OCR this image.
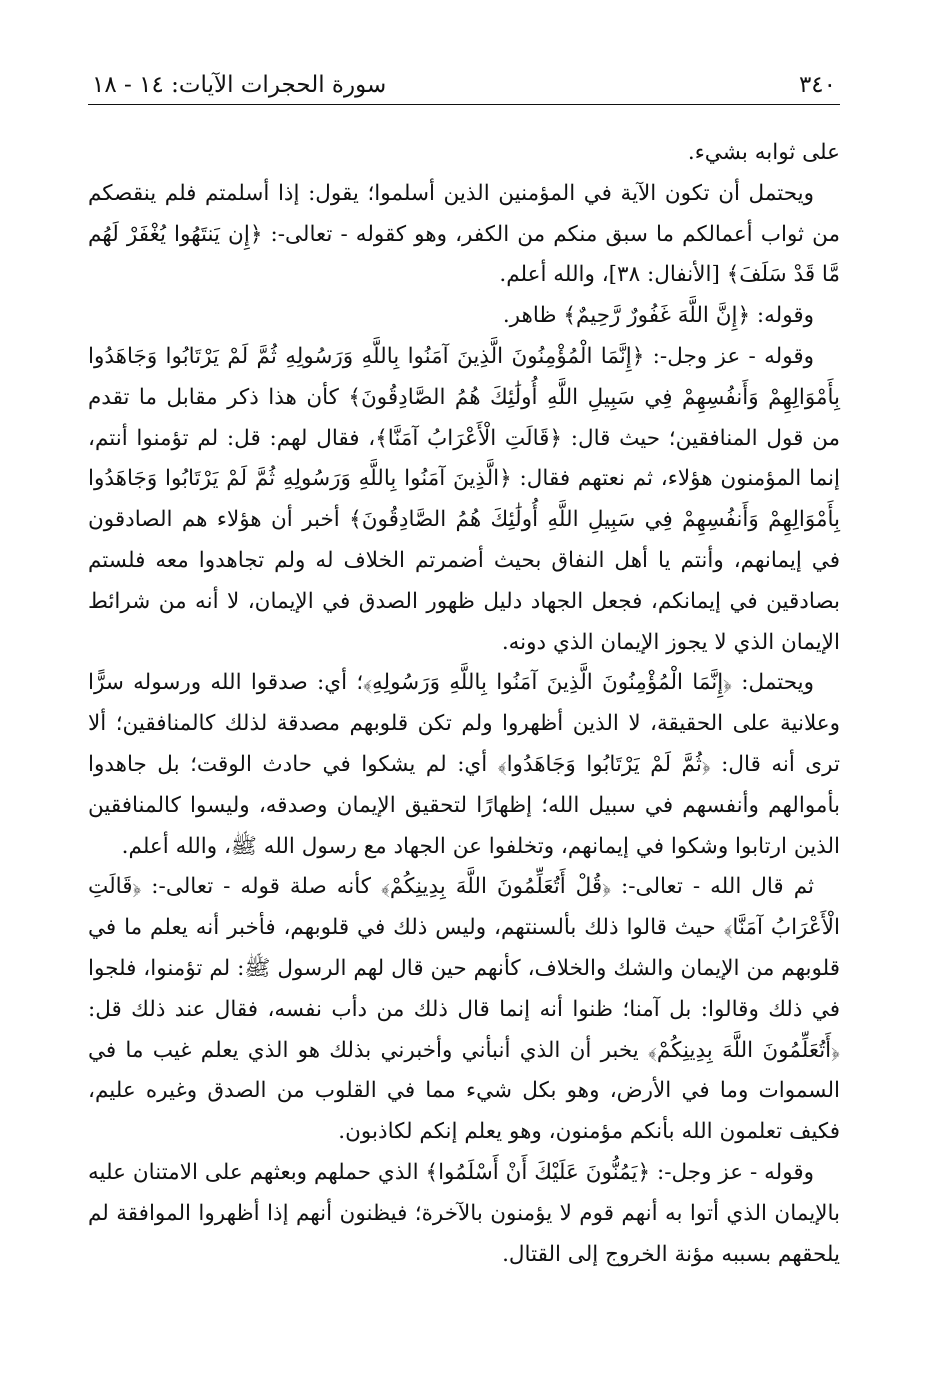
٣٤٠
سورة الحجرات الآيات: ١٤ - ١٨

على ثوابه بشيء.

ويحتمل أن تكون الآية في المؤمنين الذين أسلموا؛ يقول: إذا أسلمتم فلم ينقصكم من ثواب أعمالكم ما سبق منكم من الكفر، وهو كقوله - تعالى-: ﴿إِن يَنتَهُوا يُغْفَرْ لَهُم مَّا قَدْ سَلَفَ﴾ [الأنفال: ٣٨]، والله أعلم.

وقوله: ﴿إِنَّ اللَّهَ غَفُورٌ رَّحِيمٌ﴾ ظاهر.

وقوله - عز وجل-: ﴿إِنَّمَا الْمُؤْمِنُونَ الَّذِينَ آمَنُوا بِاللَّهِ وَرَسُولِهِ ثُمَّ لَمْ يَرْتَابُوا وَجَاهَدُوا بِأَمْوَالِهِمْ وَأَنفُسِهِمْ فِي سَبِيلِ اللَّهِ أُولَٰئِكَ هُمُ الصَّادِقُونَ﴾ كأن هذا ذكر مقابل ما تقدم من قول المنافقين؛ حيث قال: ﴿قَالَتِ الْأَعْرَابُ آمَنَّا﴾، فقال لهم: قل: لم تؤمنوا أنتم، إنما المؤمنون هؤلاء، ثم نعتهم فقال: ﴿الَّذِينَ آمَنُوا بِاللَّهِ وَرَسُولِهِ ثُمَّ لَمْ يَرْتَابُوا وَجَاهَدُوا بِأَمْوَالِهِمْ وَأَنفُسِهِمْ فِي سَبِيلِ اللَّهِ أُولَٰئِكَ هُمُ الصَّادِقُونَ﴾ أخبر أن هؤلاء هم الصادقون في إيمانهم، وأنتم يا أهل النفاق بحيث أضمرتم الخلاف له ولم تجاهدوا معه فلستم بصادقين في إيمانكم، فجعل الجهاد دليل ظهور الصدق في الإيمان، لا أنه من شرائط الإيمان الذي لا يجوز الإيمان الذي دونه.

ويحتمل: ﴿إِنَّمَا الْمُؤْمِنُونَ الَّذِينَ آمَنُوا بِاللَّهِ وَرَسُولِهِ﴾؛ أي: صدقوا الله ورسوله سرًّا وعلانية على الحقيقة، لا الذين أظهروا ولم تكن قلوبهم مصدقة لذلك كالمنافقين؛ ألا ترى أنه قال: ﴿ثُمَّ لَمْ يَرْتَابُوا وَجَاهَدُوا﴾ أي: لم يشكوا في حادث الوقت؛ بل جاهدوا بأموالهم وأنفسهم في سبيل الله؛ إظهارًا لتحقيق الإيمان وصدقه، وليسوا كالمنافقين الذين ارتابوا وشكوا في إيمانهم، وتخلفوا عن الجهاد مع رسول الله ﷺ، والله أعلم.

ثم قال الله - تعالى-: ﴿قُلْ أَتُعَلِّمُونَ اللَّهَ بِدِينِكُمْ﴾ كأنه صلة قوله - تعالى-: ﴿قَالَتِ الْأَعْرَابُ آمَنَّا﴾ حيث قالوا ذلك بألسنتهم، وليس ذلك في قلوبهم، فأخبر أنه يعلم ما في قلوبهم من الإيمان والشك والخلاف، كأنهم حين قال لهم الرسول ﷺ: لم تؤمنوا، فلجوا في ذلك وقالوا: بل آمنا؛ ظنوا أنه إنما قال ذلك من دأب نفسه، فقال عند ذلك قل: ﴿أَتُعَلِّمُونَ اللَّهَ بِدِينِكُمْ﴾ يخبر أن الذي أنبأني وأخبرني بذلك هو الذي يعلم غيب ما في السموات وما في الأرض، وهو بكل شيء مما في القلوب من الصدق وغيره عليم، فكيف تعلمون الله بأنكم مؤمنون، وهو يعلم إنكم لكاذبون.

وقوله - عز وجل-: ﴿يَمُنُّونَ عَلَيْكَ أَنْ أَسْلَمُوا﴾ الذي حملهم وبعثهم على الامتنان عليه بالإيمان الذي أتوا به أنهم قوم لا يؤمنون بالآخرة؛ فيظنون أنهم إذا أظهروا الموافقة لم يلحقهم بسببه مؤنة الخروج إلى القتال.
